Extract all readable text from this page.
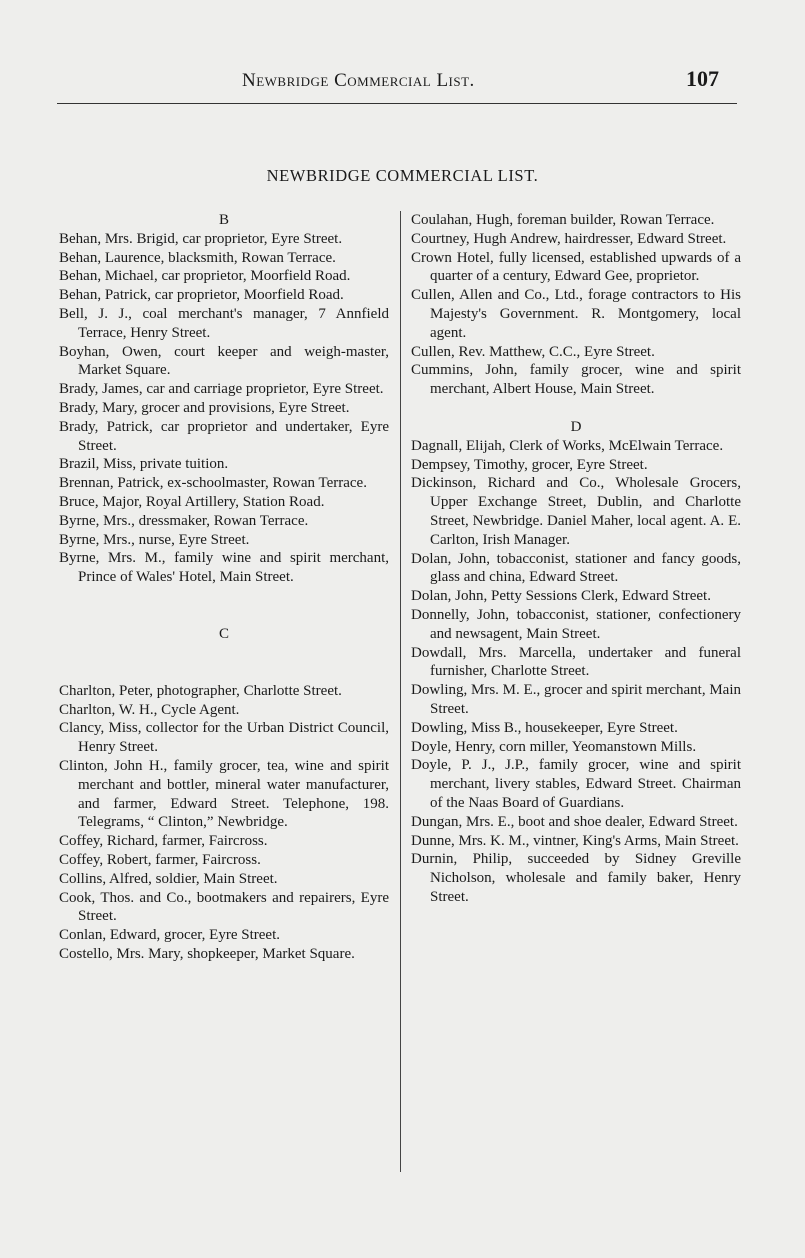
Newbridge Commercial List.	107
NEWBRIDGE COMMERCIAL LIST.
B
Behan, Mrs. Brigid, car proprietor, Eyre Street.
Behan, Laurence, blacksmith, Rowan Terrace.
Behan, Michael, car proprietor, Moorfield Road.
Behan, Patrick, car proprietor, Moorfield Road.
Bell, J. J., coal merchant's manager, 7 Annfield Terrace, Henry Street.
Boyhan, Owen, court keeper and weigh-master, Market Square.
Brady, James, car and carriage proprietor, Eyre Street.
Brady, Mary, grocer and provisions, Eyre Street.
Brady, Patrick, car proprietor and undertaker, Eyre Street.
Brazil, Miss, private tuition.
Brennan, Patrick, ex-schoolmaster, Rowan Terrace.
Bruce, Major, Royal Artillery, Station Road.
Byrne, Mrs., dressmaker, Rowan Terrace.
Byrne, Mrs., nurse, Eyre Street.
Byrne, Mrs. M., family wine and spirit merchant, Prince of Wales' Hotel, Main Street.
C
Charlton, Peter, photographer, Charlotte Street.
Charlton, W. H., Cycle Agent.
Clancy, Miss, collector for the Urban District Council, Henry Street.
Clinton, John H., family grocer, tea, wine and spirit merchant and bottler, mineral water manufacturer, and farmer, Edward Street. Telephone, 198. Telegrams, “ Clinton,” Newbridge.
Coffey, Richard, farmer, Faircross.
Coffey, Robert, farmer, Faircross.
Collins, Alfred, soldier, Main Street.
Cook, Thos. and Co., bootmakers and repairers, Eyre Street.
Conlan, Edward, grocer, Eyre Street.
Costello, Mrs. Mary, shopkeeper, Market Square.
Coulahan, Hugh, foreman builder, Rowan Terrace.
Courtney, Hugh Andrew, hairdresser, Edward Street.
Crown Hotel, fully licensed, established upwards of a quarter of a century, Edward Gee, proprietor.
Cullen, Allen and Co., Ltd., forage contractors to His Majesty's Government. R. Montgomery, local agent.
Cullen, Rev. Matthew, C.C., Eyre Street.
Cummins, John, family grocer, wine and spirit merchant, Albert House, Main Street.
D
Dagnall, Elijah, Clerk of Works, McElwain Terrace.
Dempsey, Timothy, grocer, Eyre Street.
Dickinson, Richard and Co., Wholesale Grocers, Upper Exchange Street, Dublin, and Charlotte Street, Newbridge. Daniel Maher, local agent. A. E. Carlton, Irish Manager.
Dolan, John, tobacconist, stationer and fancy goods, glass and china, Edward Street.
Dolan, John, Petty Sessions Clerk, Edward Street.
Donnelly, John, tobacconist, stationer, confectionery and newsagent, Main Street.
Dowdall, Mrs. Marcella, undertaker and funeral furnisher, Charlotte Street.
Dowling, Mrs. M. E., grocer and spirit merchant, Main Street.
Dowling, Miss B., housekeeper, Eyre Street.
Doyle, Henry, corn miller, Yeomanstown Mills.
Doyle, P. J., J.P., family grocer, wine and spirit merchant, livery stables, Edward Street. Chairman of the Naas Board of Guardians.
Dungan, Mrs. E., boot and shoe dealer, Edward Street.
Dunne, Mrs. K. M., vintner, King's Arms, Main Street.
Durnin, Philip, succeeded by Sidney Greville Nicholson, wholesale and family baker, Henry Street.
